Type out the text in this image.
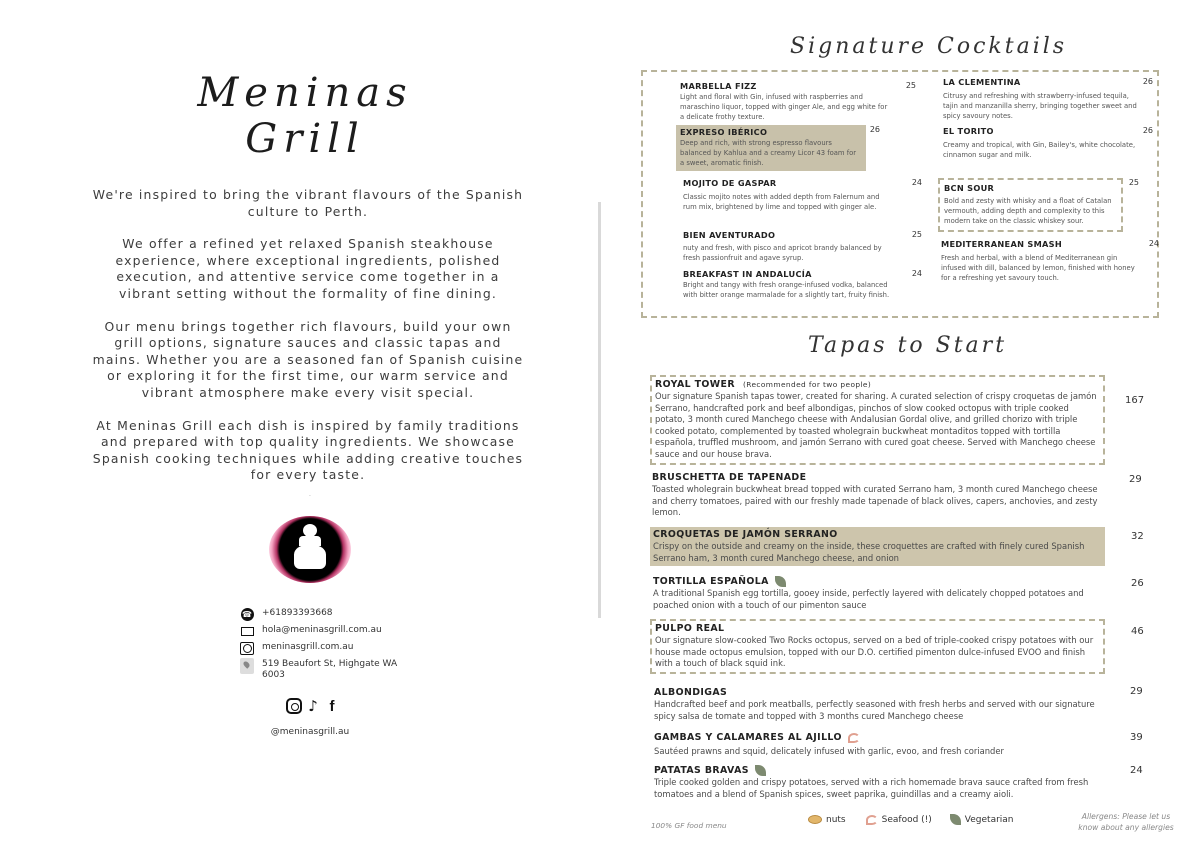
Meninas Grill

We're inspired to bring the vibrant flavours of the Spanish culture to Perth.

We offer a refined yet relaxed Spanish steakhouse experience, where exceptional ingredients, polished execution, and attentive service come together in a vibrant setting without the formality of fine dining.

Our menu brings together rich flavours, build your own grill options, signature sauces and classic tapas and mains. Whether you are a seasoned fan of Spanish cuisine or exploring it for the first time, our warm service and vibrant atmosphere make every visit special.

At Meninas Grill each dish is inspired by family traditions and prepared with top quality ingredients. We showcase Spanish cooking techniques while adding creative touches for every taste.

·
☎ +61893393668
hola@meninasgrill.com.au
meninasgrill.com.au
519 Beaufort St, Highgate WA 6003
♪ f
@meninasgrill.au
Signature Cocktails
MARBELLA FIZZ
Light and floral with Gin, infused with raspberries and maraschino liquor, topped with ginger Ale, and egg white for a delicate frothy texture.
25
EXPRESO IBÉRICO
Deep and rich, with strong espresso flavours balanced by Kahlua and a creamy Licor 43 foam for a sweet, aromatic finish.
26
MOJITO DE GASPAR
Classic mojito notes with added depth from Falernum and rum mix, brightened by lime and topped with ginger ale.
24
BIEN AVENTURADO
nuty and fresh, with pisco and apricot brandy balanced by fresh passionfruit and agave syrup.
25
BREAKFAST IN ANDALUCÍA
Bright and tangy with fresh orange-infused vodka, balanced with bitter orange marmalade for a slightly tart, fruity finish.
24
LA CLEMENTINA
Citrusy and refreshing with strawberry-infused tequila, tajin and manzanilla sherry, bringing together sweet and spicy savoury notes.
26
EL TORITO
Creamy and tropical, with Gin, Bailey's, white chocolate, cinnamon sugar and milk.
26
BCN SOUR
Bold and zesty with whisky and a float of Catalan vermouth, adding depth and complexity to this modern take on the classic whiskey sour.
25
MEDITERRANEAN SMASH
Fresh and herbal, with a blend of Mediterranean gin infused with dill, balanced by lemon, finished with honey for a refreshing yet savoury touch.
24
Tapas to Start
ROYAL TOWER (Recommended for two people)
Our signature Spanish tapas tower, created for sharing. A curated selection of crispy croquetas de jamón Serrano, handcrafted pork and beef albondigas, pinchos of slow cooked octopus with triple cooked potato, 3 month cured Manchego cheese with Andalusian Gordal olive, and grilled chorizo with triple cooked potato, complemented by toasted wholegrain buckwheat montaditos topped with tortilla española, truffled mushroom, and jamón Serrano with cured goat cheese. Served with Manchego cheese sauce and our house brava.
167
BRUSCHETTA DE TAPENADE
Toasted wholegrain buckwheat bread topped with curated Serrano ham, 3 month cured Manchego cheese and cherry tomatoes, paired with our freshly made tapenade of black olives, capers, anchovies, and zesty lemon.
29
CROQUETAS DE JAMÓN SERRANO
Crispy on the outside and creamy on the inside, these croquettes are crafted with finely cured Spanish Serrano ham, 3 month cured Manchego cheese, and onion
32
TORTILLA ESPAÑOLA
A traditional Spanish egg tortilla, gooey inside, perfectly layered with delicately chopped potatoes and poached onion with a touch of our pimenton sauce
26
PULPO REAL
Our signature slow-cooked Two Rocks octopus, served on a bed of triple-cooked crispy potatoes with our house made octopus emulsion, topped with our D.O. certified pimenton dulce-infused EVOO and finish with a touch of black squid ink.
46
ALBONDIGAS
Handcrafted beef and pork meatballs, perfectly seasoned with fresh herbs and served with our signature spicy salsa de tomate and topped with 3 months cured Manchego cheese
29
GAMBAS Y CALAMARES AL AJILLO
Sautéed prawns and squid, delicately infused with garlic, evoo, and fresh coriander
39
PATATAS BRAVAS
Triple cooked golden and crispy potatoes, served with a rich homemade brava sauce crafted from fresh tomatoes and a blend of Spanish spices, sweet paprika, guindillas and a creamy aioli.
24
100% GF food menu
nuts	Seafood (!)	Vegetarian	Allergens: Please let us know about any allergies
